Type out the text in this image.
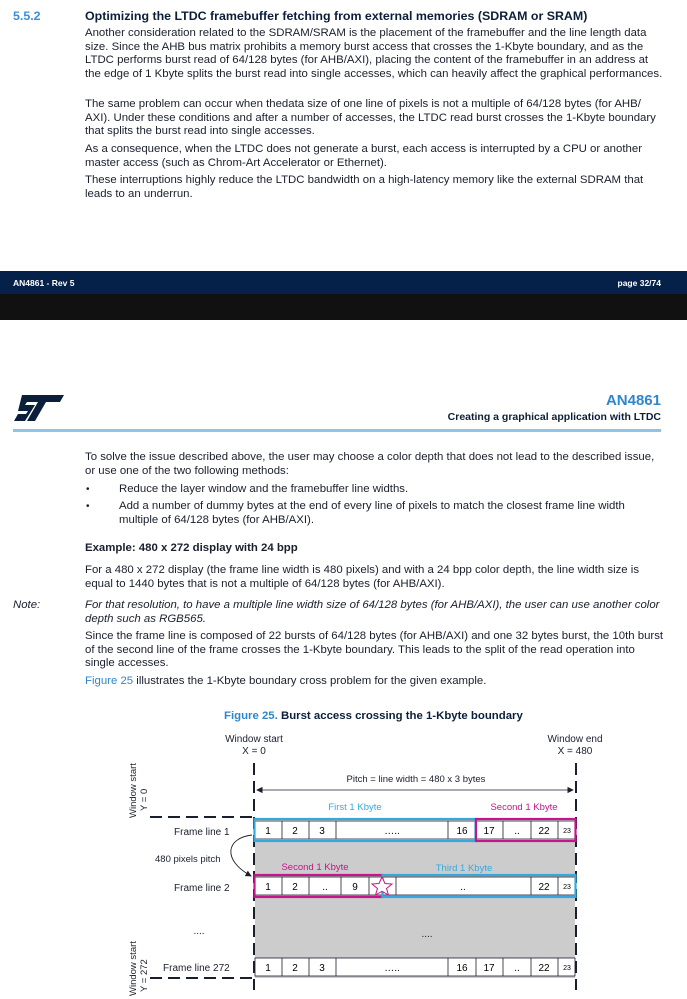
5.5.2	Optimizing the LTDC framebuffer fetching from external memories (SDRAM or SRAM)

Another consideration related to the SDRAM/SRAM is the placement of the framebuffer and the line length data size. Since the AHB bus matrix prohibits a memory burst access that crosses the 1-Kbyte boundary, and as the LTDC performs burst read of 64/128 bytes (for AHB/AXI), placing the content of the framebuffer in an address at the edge of 1 Kbyte splits the burst read into single accesses, which can heavily affect the graphical performances.

The same problem can occur when thedata size of one line of pixels is not a multiple of 64/128 bytes (for AHB/ AXI). Under these conditions and after a number of accesses, the LTDC read burst crosses the 1-Kbyte boundary that splits the burst read into single accesses.

As a consequence, when the LTDC does not generate a burst, each access is interrupted by a CPU or another master access (such as Chrom-Art Accelerator or Ethernet).

These interruptions highly reduce the LTDC bandwidth on a high-latency memory like the external SDRAM that leads to an underrun.

AN4861 - Rev 5	page 32/74
AN4861
Creating a graphical application with LTDC

To solve the issue described above, the user may choose a color depth that does not lead to the described issue, or use one of the two following methods:

•	Reduce the layer window and the framebuffer line widths.

•	Add a number of dummy bytes at the end of every line of pixels to match the closest frame line width multiple of 64/128 bytes (for AHB/AXI).

Example: 480 x 272 display with 24 bpp

For a 480 x 272 display (the frame line width is 480 pixels) and with a 24 bpp color depth, the line width size is equal to 1440 bytes that is not a multiple of 64/128 bytes (for AHB/AXI).

Note:	For that resolution, to have a multiple line width size of 64/128 bytes (for AHB/AXI), the user can use another color depth such as RGB565.

Since the frame line is composed of 22 bursts of 64/128 bytes (for AHB/AXI) and one 32 bytes burst, the 10th burst of the second line of the frame crosses the 1-Kbyte boundary. This leads to the split of the read operation into single accesses.

Figure 25 illustrates the 1-Kbyte boundary cross problem for the given example.

Figure 25. Burst access crossing the 1-Kbyte boundary
Window start
X = 0
Window end
X = 480
Pitch = line width = 480 x 3 bytes
Window start Y = 0
Window start Y = 272
Frame line 1
First 1 Kbyte	Second 1 Kbyte
1 2 3	…..	16 17 .. 22 23
480 pixels pitch
Frame line 2
Second 1 Kbyte	Third 1 Kbyte
1 2 .. 9	..	22 23
....	....
Frame line 272	1 2 3	…..	16 17 .. 22 23
